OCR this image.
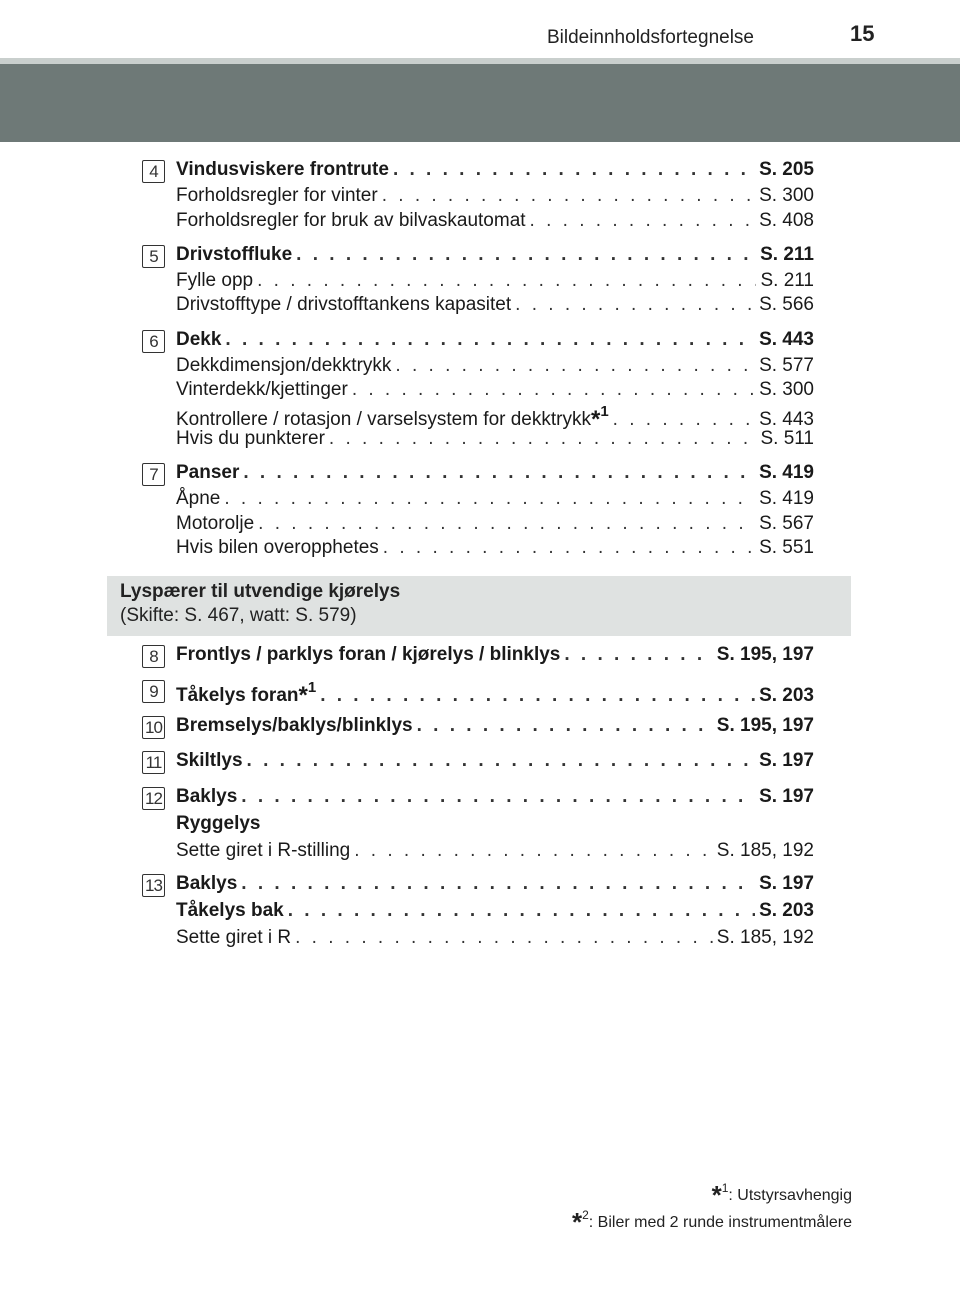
Bildeinnholdsfortegnelse	15
4 Vindusviskere frontrute . . .	S. 205
Forholdsregler for vinter . . .	S. 300
Forholdsregler for bruk av bilvaskautomat . . .	S. 408
5 Drivstoffluke . . .	S. 211
Fylle opp . . .	S. 211
Drivstofftype / drivstofftankens kapasitet . . .	S. 566
6 Dekk . . .	S. 443
Dekkdimensjon/dekktrykk . . .	S. 577
Vinterdekk/kjettinger . . .	S. 300
Kontrollere / rotasjon / varselsystem for dekktrykk*$^1$ . . .	S. 443
Hvis du punkterer . . .	S. 511
7 Panser . . .	S. 419
Åpne . . .	S. 419
Motorolje . . .	S. 567
Hvis bilen overopphetes . . .	S. 551
Lyspærer til utvendige kjørelys
(Skifte: S. 467, watt: S. 579)
8 Frontlys / parklys foran / kjørelys / blinklys . . .	S. 195, 197
9 Tåkelys foran*$^1$ . . .	S. 203
10 Bremselys/baklys/blinklys . . .	S. 195, 197
11 Skiltlys . . .	S. 197
12 Baklys . . .	S. 197
Ryggelys
Sette giret i R-stilling . . .	S. 185, 192
13 Baklys . . .	S. 197
Tåkelys bak . . .	S. 203
Sette giret i R . . .	S. 185, 192
*$^1$: Utstyrsavhengig
*$^2$: Biler med 2 runde instrumentmålere
